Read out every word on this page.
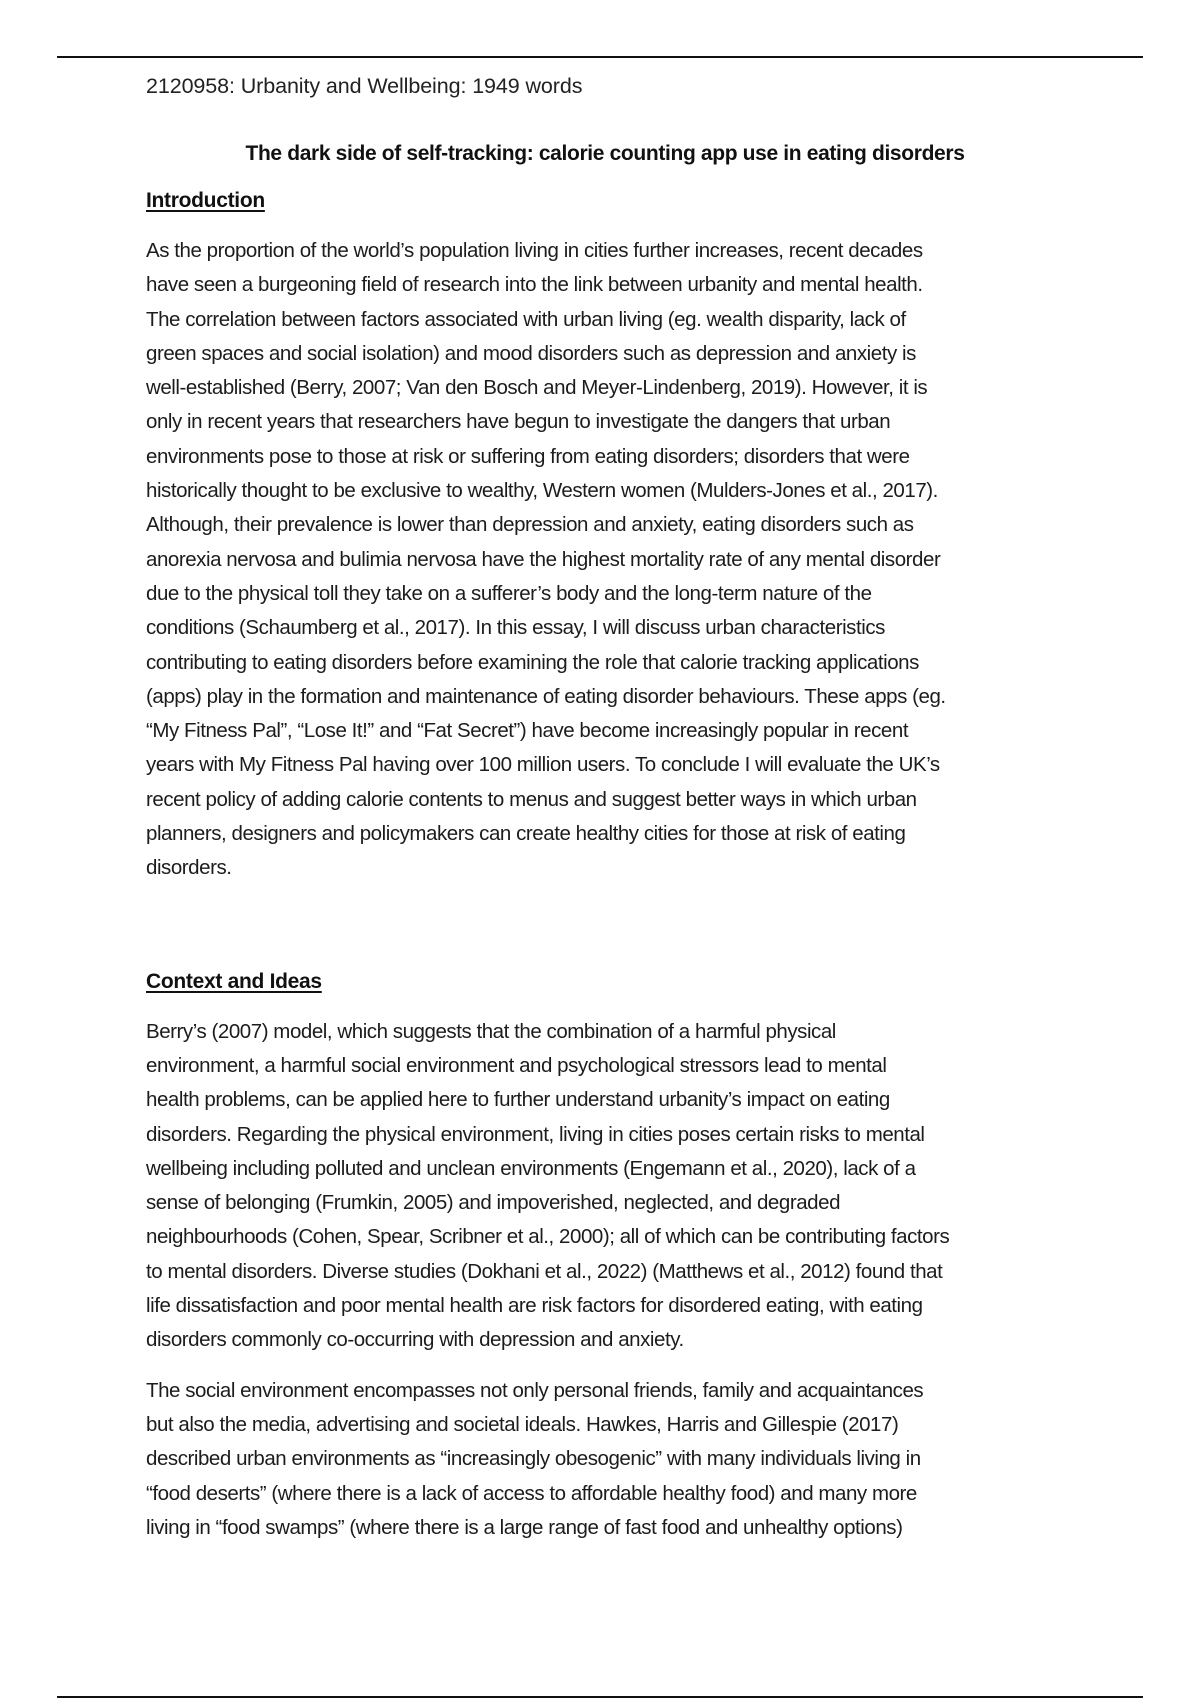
2120958: Urbanity and Wellbeing: 1949 words
The dark side of self-tracking: calorie counting app use in eating disorders
Introduction
As the proportion of the world’s population living in cities further increases, recent decades
have seen a burgeoning field of research into the link between urbanity and mental health.
The correlation between factors associated with urban living (eg. wealth disparity, lack of
green spaces and social isolation) and mood disorders such as depression and anxiety is
well-established (Berry, 2007; Van den Bosch and Meyer-Lindenberg, 2019). However, it is
only in recent years that researchers have begun to investigate the dangers that urban
environments pose to those at risk or suffering from eating disorders; disorders that were
historically thought to be exclusive to wealthy, Western women (Mulders-Jones et al., 2017).
Although, their prevalence is lower than depression and anxiety, eating disorders such as
anorexia nervosa and bulimia nervosa have the highest mortality rate of any mental disorder
due to the physical toll they take on a sufferer’s body and the long-term nature of the
conditions (Schaumberg et al., 2017). In this essay, I will discuss urban characteristics
contributing to eating disorders before examining the role that calorie tracking applications
(apps) play in the formation and maintenance of eating disorder behaviours. These apps (eg.
“My Fitness Pal”, “Lose It!” and “Fat Secret”) have become increasingly popular in recent
years with My Fitness Pal having over 100 million users. To conclude I will evaluate the UK’s
recent policy of adding calorie contents to menus and suggest better ways in which urban
planners, designers and policymakers can create healthy cities for those at risk of eating
disorders.
Context and Ideas
Berry’s (2007) model, which suggests that the combination of a harmful physical
environment, a harmful social environment and psychological stressors lead to mental
health problems, can be applied here to further understand urbanity’s impact on eating
disorders. Regarding the physical environment, living in cities poses certain risks to mental
wellbeing including polluted and unclean environments (Engemann et al., 2020), lack of a
sense of belonging (Frumkin, 2005) and impoverished, neglected, and degraded
neighbourhoods (Cohen, Spear, Scribner et al., 2000); all of which can be contributing factors
to mental disorders. Diverse studies (Dokhani et al., 2022) (Matthews et al., 2012) found that
life dissatisfaction and poor mental health are risk factors for disordered eating, with eating
disorders commonly co-occurring with depression and anxiety.
The social environment encompasses not only personal friends, family and acquaintances
but also the media, advertising and societal ideals. Hawkes, Harris and Gillespie (2017)
described urban environments as “increasingly obesogenic” with many individuals living in
“food deserts” (where there is a lack of access to affordable healthy food) and many more
living in “food swamps” (where there is a large range of fast food and unhealthy options)
